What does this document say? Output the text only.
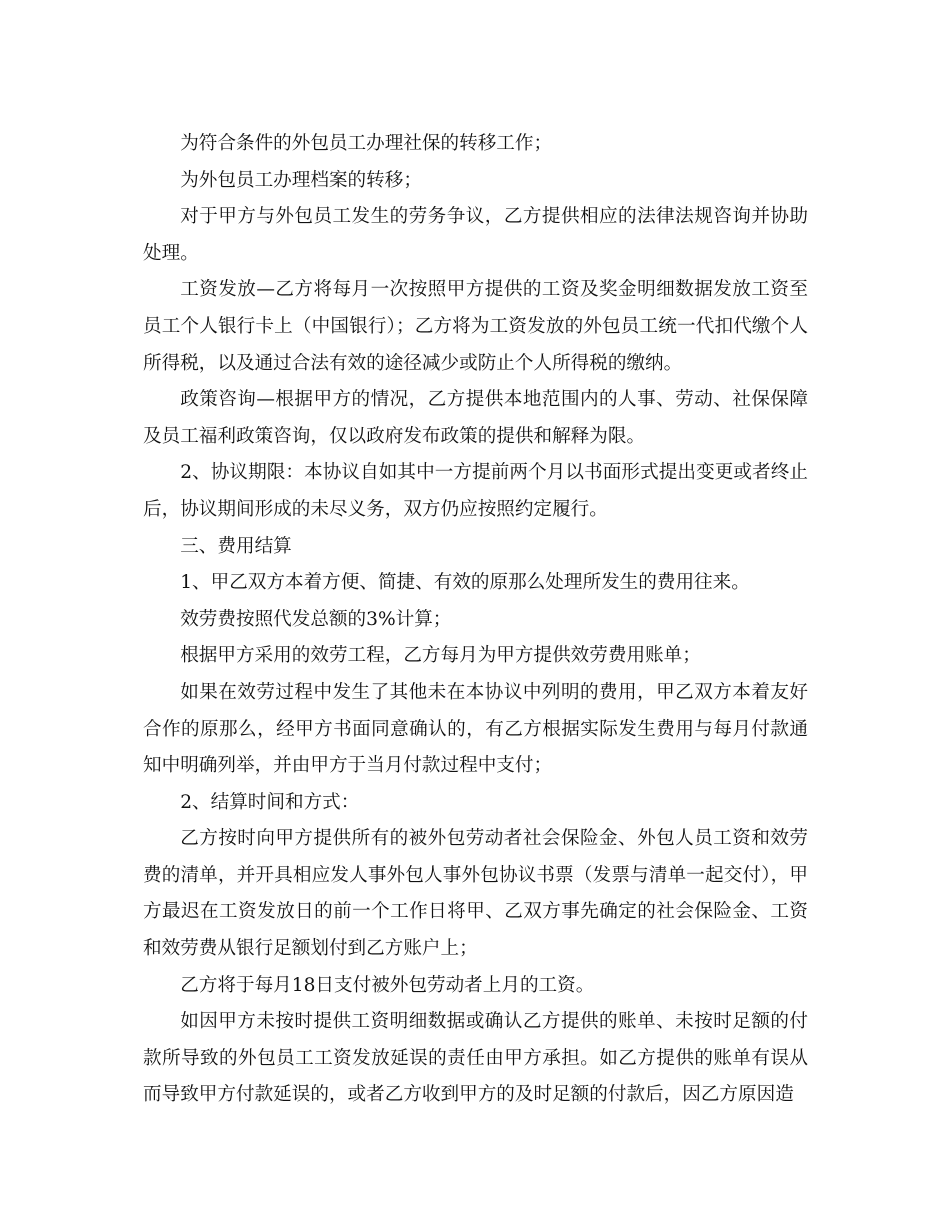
为符合条件的外包员工办理社保的转移工作；

为外包员工办理档案的转移；

对于甲方与外包员工发生的劳务争议，乙方提供相应的法律法规咨询并协助处理。

工资发放—乙方将每月一次按照甲方提供的工资及奖金明细数据发放工资至员工个人银行卡上（中国银行）；乙方将为工资发放的外包员工统一代扣代缴个人所得税，以及通过合法有效的途径减少或防止个人所得税的缴纳。

政策咨询—根据甲方的情况，乙方提供本地范围内的人事、劳动、社保保障及员工福利政策咨询，仅以政府发布政策的提供和解释为限。

2、协议期限：本协议自如其中一方提前两个月以书面形式提出变更或者终止后，协议期间形成的未尽义务，双方仍应按照约定履行。

三、费用结算

1、甲乙双方本着方便、简捷、有效的原那么处理所发生的费用往来。

效劳费按照代发总额的3%计算；

根据甲方采用的效劳工程，乙方每月为甲方提供效劳费用账单；

如果在效劳过程中发生了其他未在本协议中列明的费用，甲乙双方本着友好合作的原那么，经甲方书面同意确认的，有乙方根据实际发生费用与每月付款通知中明确列举，并由甲方于当月付款过程中支付；

2、结算时间和方式：

乙方按时向甲方提供所有的被外包劳动者社会保险金、外包人员工资和效劳费的清单，并开具相应发人事外包人事外包协议书票（发票与清单一起交付），甲方最迟在工资发放日的前一个工作日将甲、乙双方事先确定的社会保险金、工资和效劳费从银行足额划付到乙方账户上；

乙方将于每月18日支付被外包劳动者上月的工资。

如因甲方未按时提供工资明细数据或确认乙方提供的账单、未按时足额的付款所导致的外包员工工资发放延误的责任由甲方承担。如乙方提供的账单有误从而导致甲方付款延误的，或者乙方收到甲方的及时足额的付款后，因乙方原因造
